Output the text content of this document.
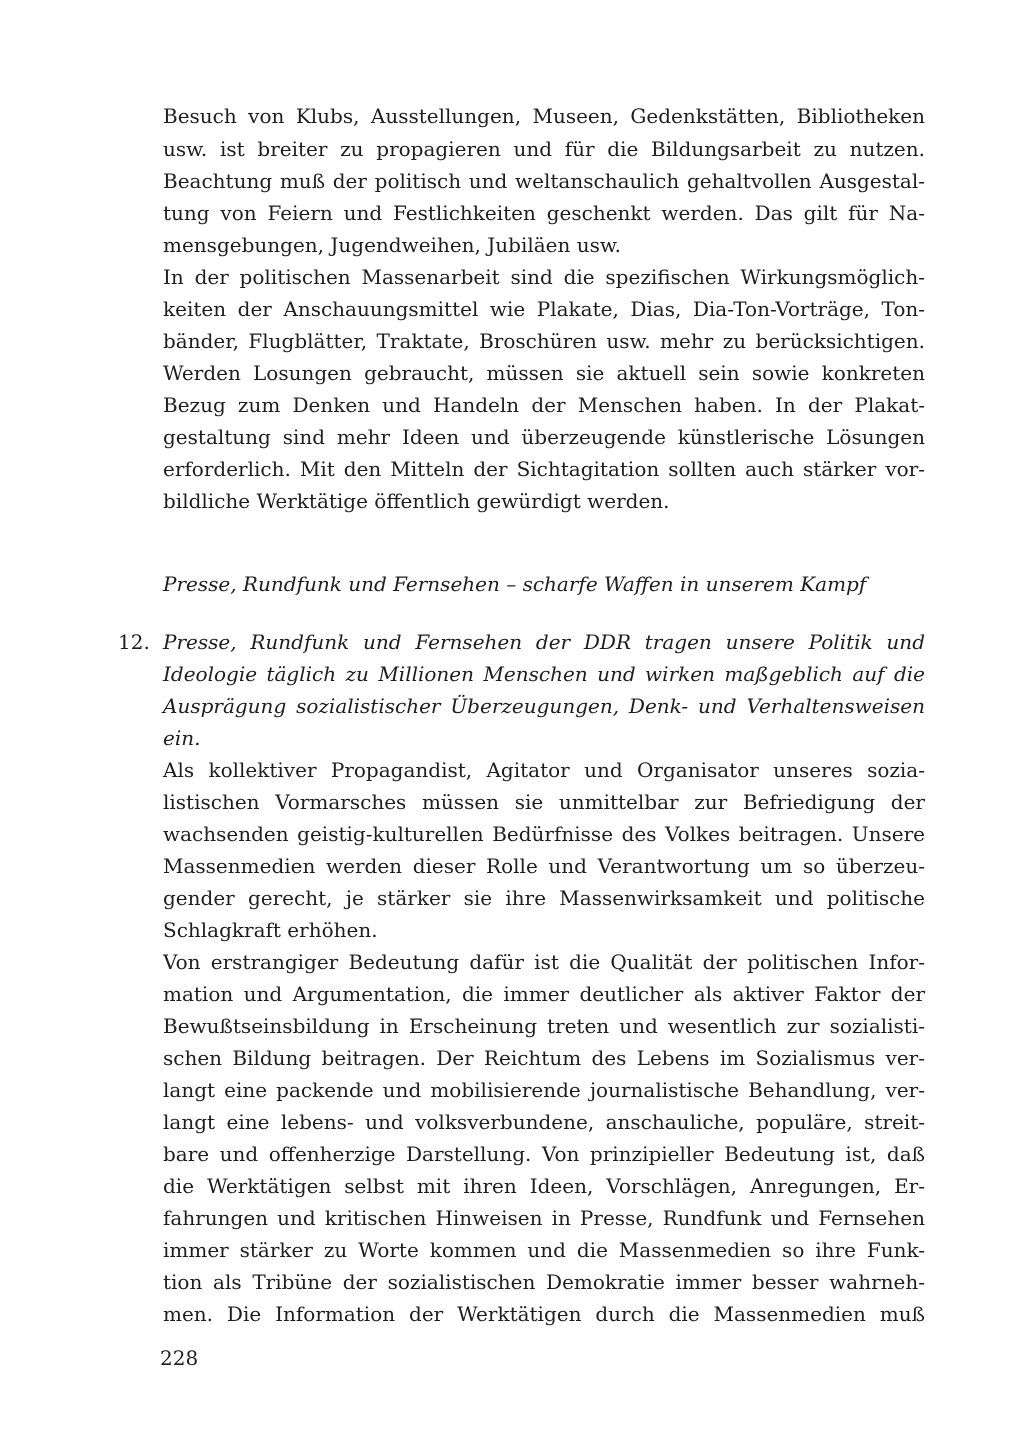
Besuch von Klubs, Ausstellungen, Museen, Gedenkstätten, Bibliotheken
usw. ist breiter zu propagieren und für die Bildungsarbeit zu nutzen.
Beachtung muß der politisch und weltanschaulich gehaltvollen Ausgestal-
tung von Feiern und Festlichkeiten geschenkt werden. Das gilt für Na-
mensgebungen, Jugendweihen, Jubiläen usw.
In der politischen Massenarbeit sind die spezifischen Wirkungsmöglich-
keiten der Anschauungsmittel wie Plakate, Dias, Dia-Ton-Vorträge, Ton-
bänder, Flugblätter, Traktate, Broschüren usw. mehr zu berücksichtigen.
Werden Losungen gebraucht, müssen sie aktuell sein sowie konkreten
Bezug zum Denken und Handeln der Menschen haben. In der Plakat-
gestaltung sind mehr Ideen und überzeugende künstlerische Lösungen
erforderlich. Mit den Mitteln der Sichtagitation sollten auch stärker vor-
bildliche Werktätige öffentlich gewürdigt werden.
Presse, Rundfunk und Fernsehen – scharfe Waffen in unserem Kampf
12. Presse, Rundfunk und Fernsehen der DDR tragen unsere Politik und
Ideologie täglich zu Millionen Menschen und wirken maßgeblich auf die
Ausprägung sozialistischer Überzeugungen, Denk- und Verhaltensweisen
ein.
Als kollektiver Propagandist, Agitator und Organisator unseres sozia-
listischen Vormarsches müssen sie unmittelbar zur Befriedigung der
wachsenden geistig-kulturellen Bedürfnisse des Volkes beitragen. Unsere
Massenmedien werden dieser Rolle und Verantwortung um so überzeu-
gender gerecht, je stärker sie ihre Massenwirksamkeit und politische
Schlagkraft erhöhen.
Von erstrangiger Bedeutung dafür ist die Qualität der politischen Infor-
mation und Argumentation, die immer deutlicher als aktiver Faktor der
Bewußtseinsbildung in Erscheinung treten und wesentlich zur sozialisti-
schen Bildung beitragen. Der Reichtum des Lebens im Sozialismus ver-
langt eine packende und mobilisierende journalistische Behandlung, ver-
langt eine lebens- und volksverbundene, anschauliche, populäre, streit-
bare und offenherzige Darstellung. Von prinzipieller Bedeutung ist, daß
die Werktätigen selbst mit ihren Ideen, Vorschlägen, Anregungen, Er-
fahrungen und kritischen Hinweisen in Presse, Rundfunk und Fernsehen
immer stärker zu Worte kommen und die Massenmedien so ihre Funk-
tion als Tribüne der sozialistischen Demokratie immer besser wahrneh-
men. Die Information der Werktätigen durch die Massenmedien muß
228
